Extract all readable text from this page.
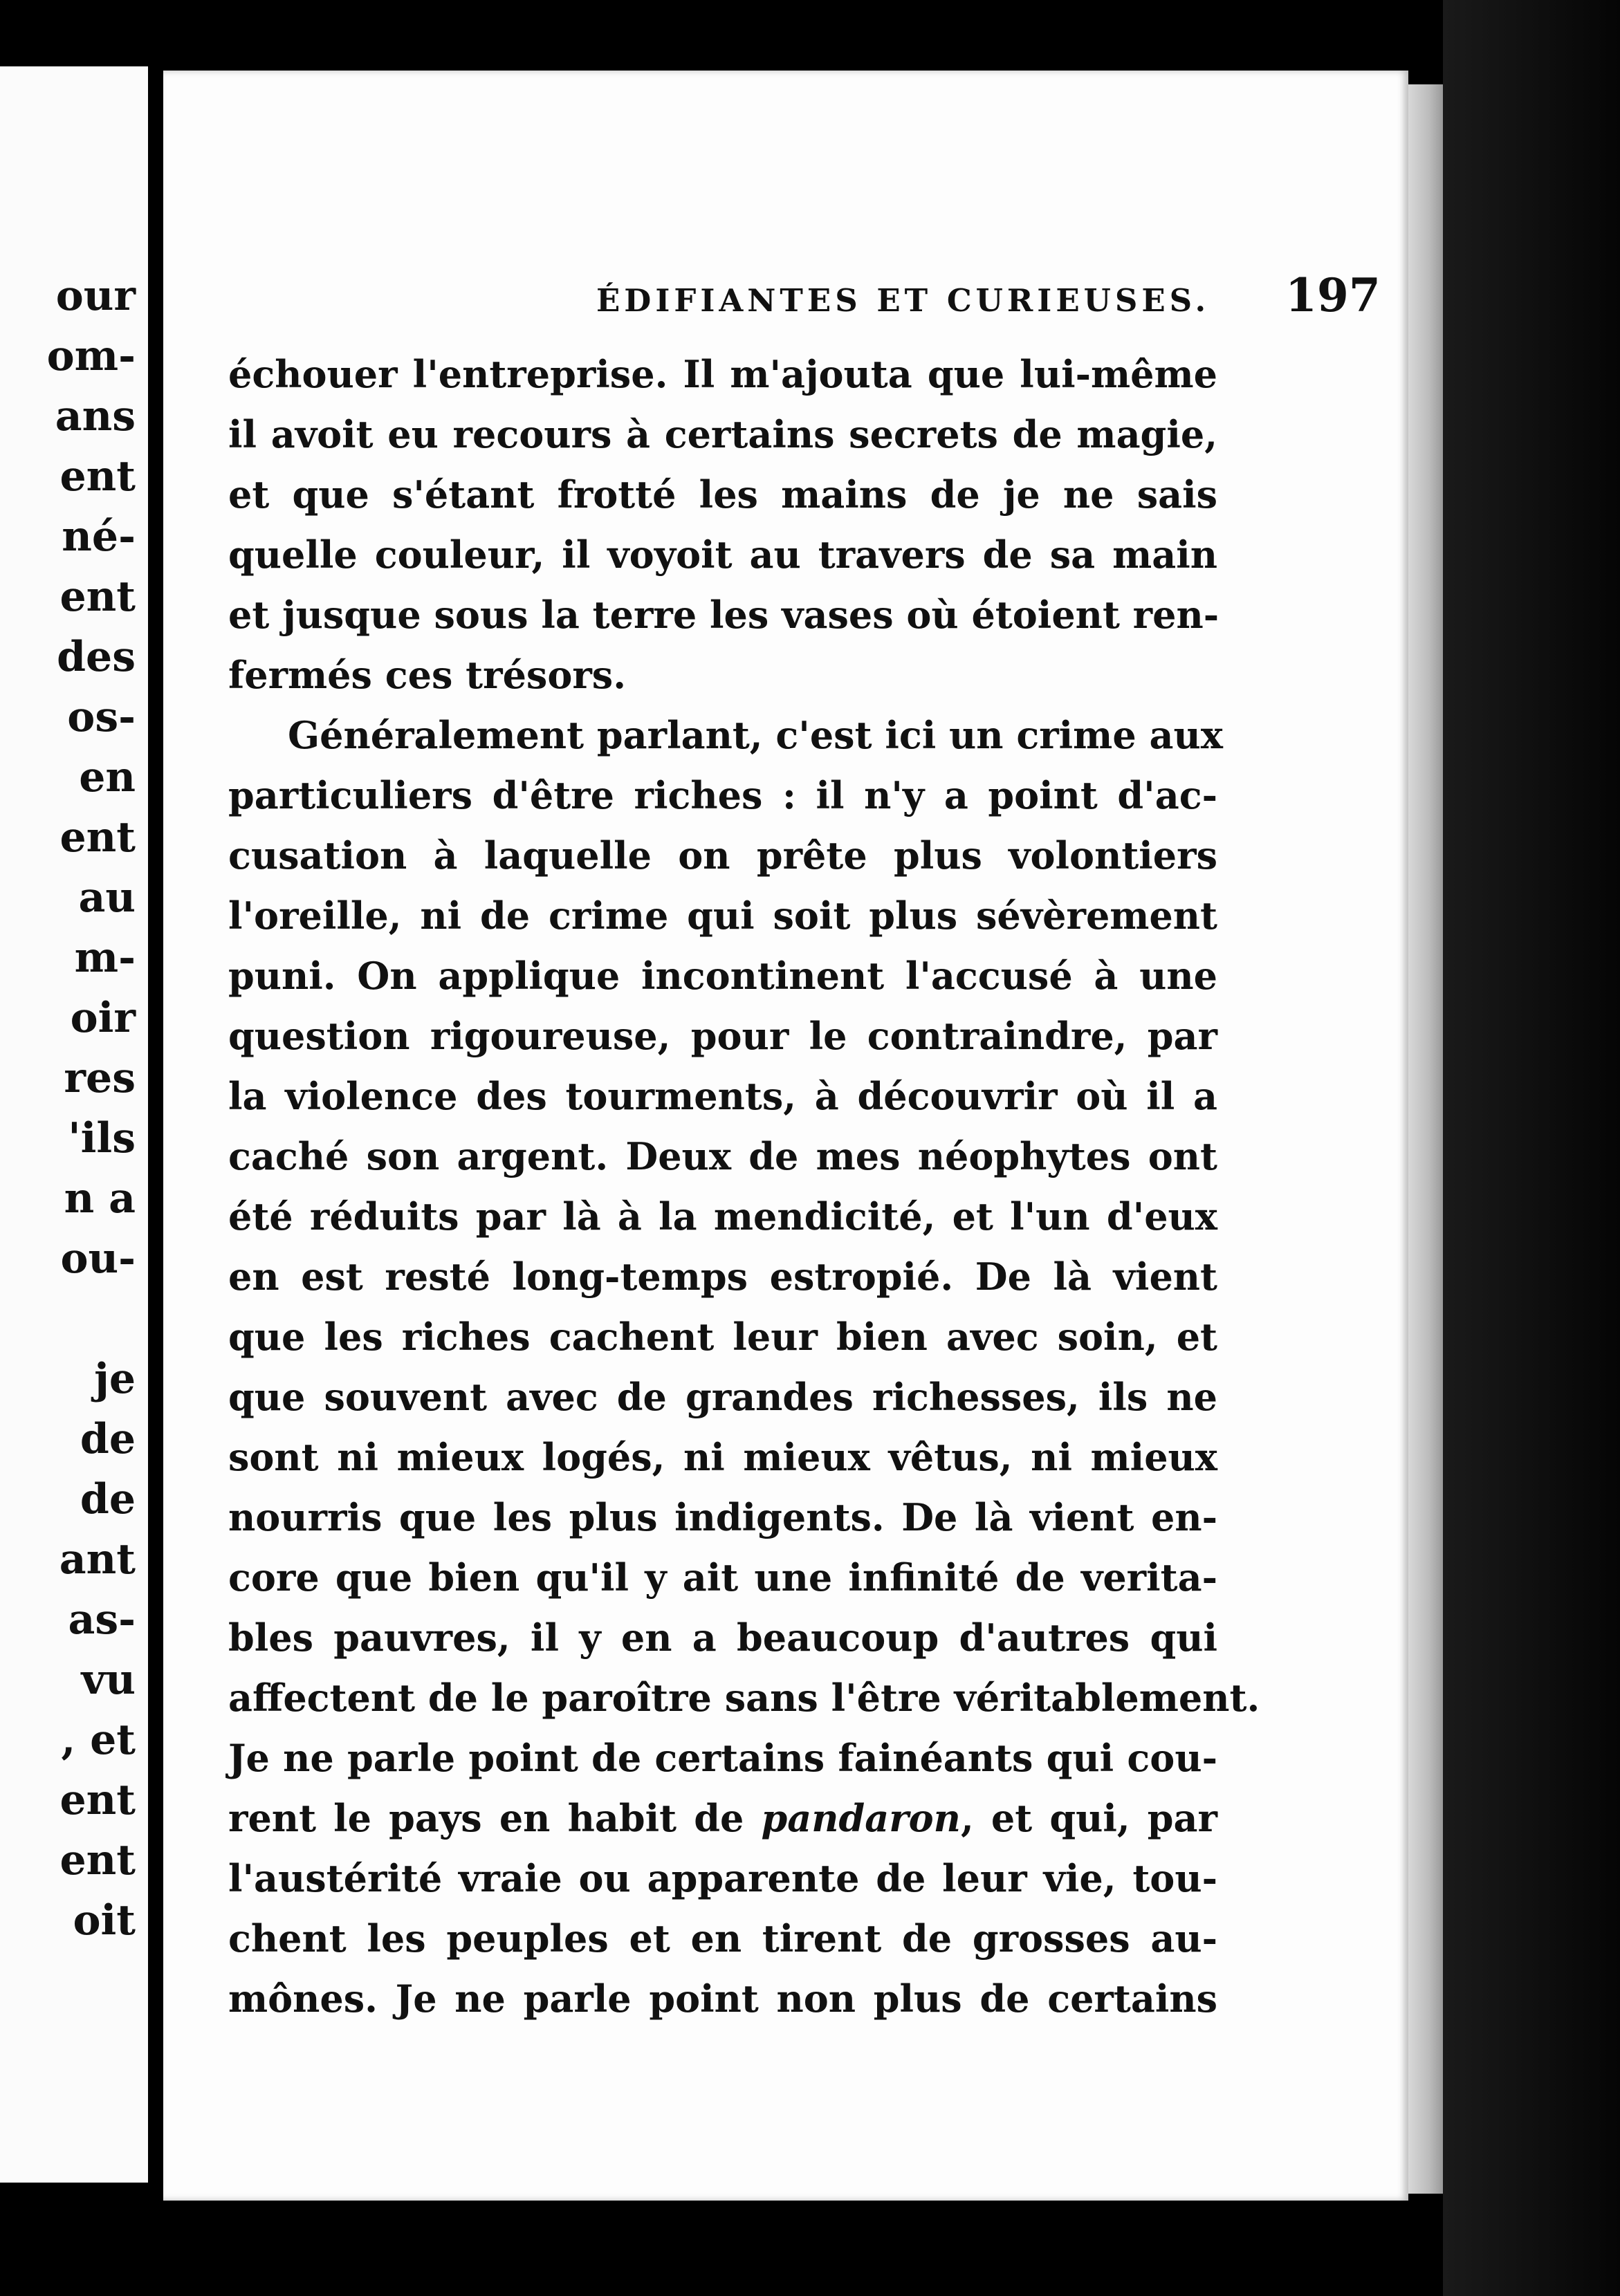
our
om-
ans
ent
né-
ent
des
os-
en
ent
au
m-
oir
res
'ils
n a
ou-
je
de
de
ant
as-
vu
, et
ent
ent
oit
ÉDIFIANTES ET CURIEUSES. 197
échouer l'entreprise. Il m'ajouta que lui-même
il avoit eu recours à certains secrets de magie,
et que s'étant frotté les mains de je ne sais
quelle couleur, il voyoit au travers de sa main
et jusque sous la terre les vases où étoient ren-
fermés ces trésors.
Généralement parlant, c'est ici un crime aux
particuliers d'être riches : il n'y a point d'ac-
cusation à laquelle on prête plus volontiers
l'oreille, ni de crime qui soit plus sévèrement
puni. On applique incontinent l'accusé à une
question rigoureuse, pour le contraindre, par
la violence des tourments, à découvrir où il a
caché son argent. Deux de mes néophytes ont
été réduits par là à la mendicité, et l'un d'eux
en est resté long-temps estropié. De là vient
que les riches cachent leur bien avec soin, et
que souvent avec de grandes richesses, ils ne
sont ni mieux logés, ni mieux vêtus, ni mieux
nourris que les plus indigents. De là vient en-
core que bien qu'il y ait une infinité de verita-
bles pauvres, il y en a beaucoup d'autres qui
affectent de le paroître sans l'être véritablement.
Je ne parle point de certains fainéants qui cou-
rent le pays en habit de pandaron, et qui, par
l'austérité vraie ou apparente de leur vie, tou-
chent les peuples et en tirent de grosses au-
mônes. Je ne parle point non plus de certains
